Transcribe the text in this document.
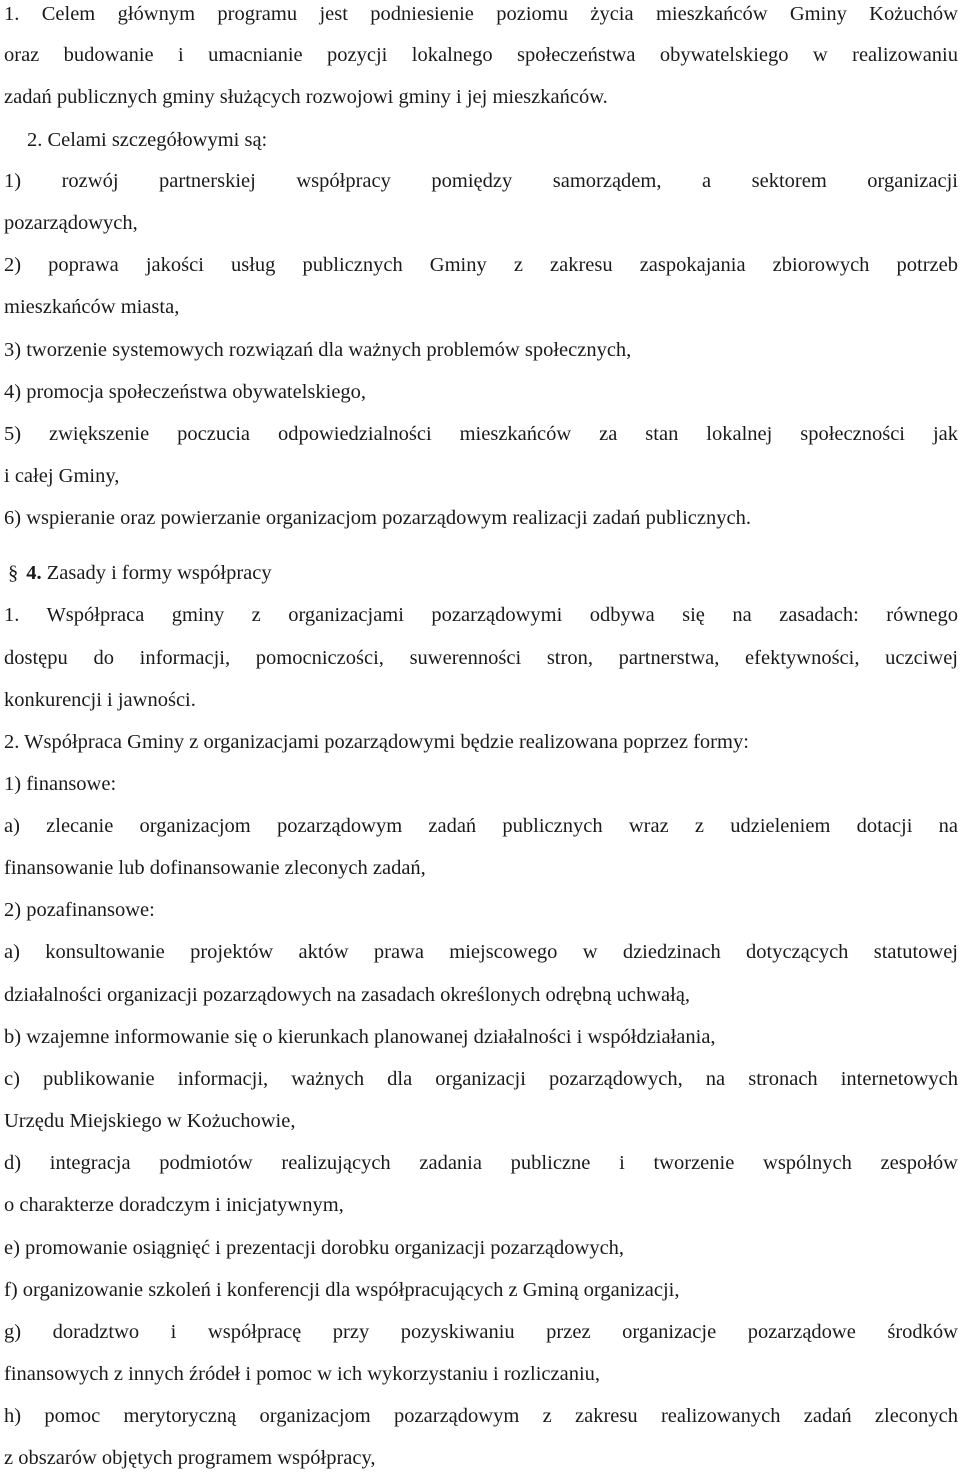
1. Celem głównym programu jest podniesienie poziomu życia mieszkańców Gminy Kożuchów
oraz budowanie i umacnianie pozycji lokalnego społeczeństwa obywatelskiego w realizowaniu
zadań publicznych gminy służących rozwojowi gminy i jej mieszkańców.
2. Celami szczegółowymi są:
1) rozwój partnerskiej współpracy pomiędzy samorządem, a sektorem organizacji
pozarządowych,
2) poprawa jakości usług publicznych Gminy z zakresu zaspokajania zbiorowych potrzeb
mieszkańców miasta,
3) tworzenie systemowych rozwiązań dla ważnych problemów społecznych,
4) promocja społeczeństwa obywatelskiego,
5) zwiększenie poczucia odpowiedzialności mieszkańców za stan lokalnej społeczności jak
i całej Gminy,
6) wspieranie oraz powierzanie organizacjom pozarządowym realizacji zadań publicznych.
§ 4. Zasady i formy współpracy
1. Współpraca gminy z organizacjami pozarządowymi odbywa się na zasadach: równego
dostępu do informacji, pomocniczości, suwerenności stron, partnerstwa, efektywności, uczciwej
konkurencji i jawności.
2. Współpraca Gminy z organizacjami pozarządowymi będzie realizowana poprzez formy:
1) finansowe:
a) zlecanie organizacjom pozarządowym zadań publicznych wraz z udzieleniem dotacji na
finansowanie lub dofinansowanie zleconych zadań,
2) pozafinansowe:
a) konsultowanie projektów aktów prawa miejscowego w dziedzinach dotyczących statutowej
działalności organizacji pozarządowych na zasadach określonych odrębną uchwałą,
b) wzajemne informowanie się o kierunkach planowanej działalności i współdziałania,
c) publikowanie informacji, ważnych dla organizacji pozarządowych, na stronach internetowych
Urzędu Miejskiego w Kożuchowie,
d) integracja podmiotów realizujących zadania publiczne i tworzenie wspólnych zespołów
o charakterze doradczym i inicjatywnym,
e) promowanie osiągnięć i prezentacji dorobku organizacji pozarządowych,
f) organizowanie szkoleń i konferencji dla współpracujących z Gminą organizacji,
g) doradztwo i współpracę przy pozyskiwaniu przez organizacje pozarządowe środków
finansowych z innych źródeł i pomoc w ich wykorzystaniu i rozliczaniu,
h) pomoc merytoryczną organizacjom pozarządowym z zakresu realizowanych zadań zleconych
z obszarów objętych programem współpracy,
